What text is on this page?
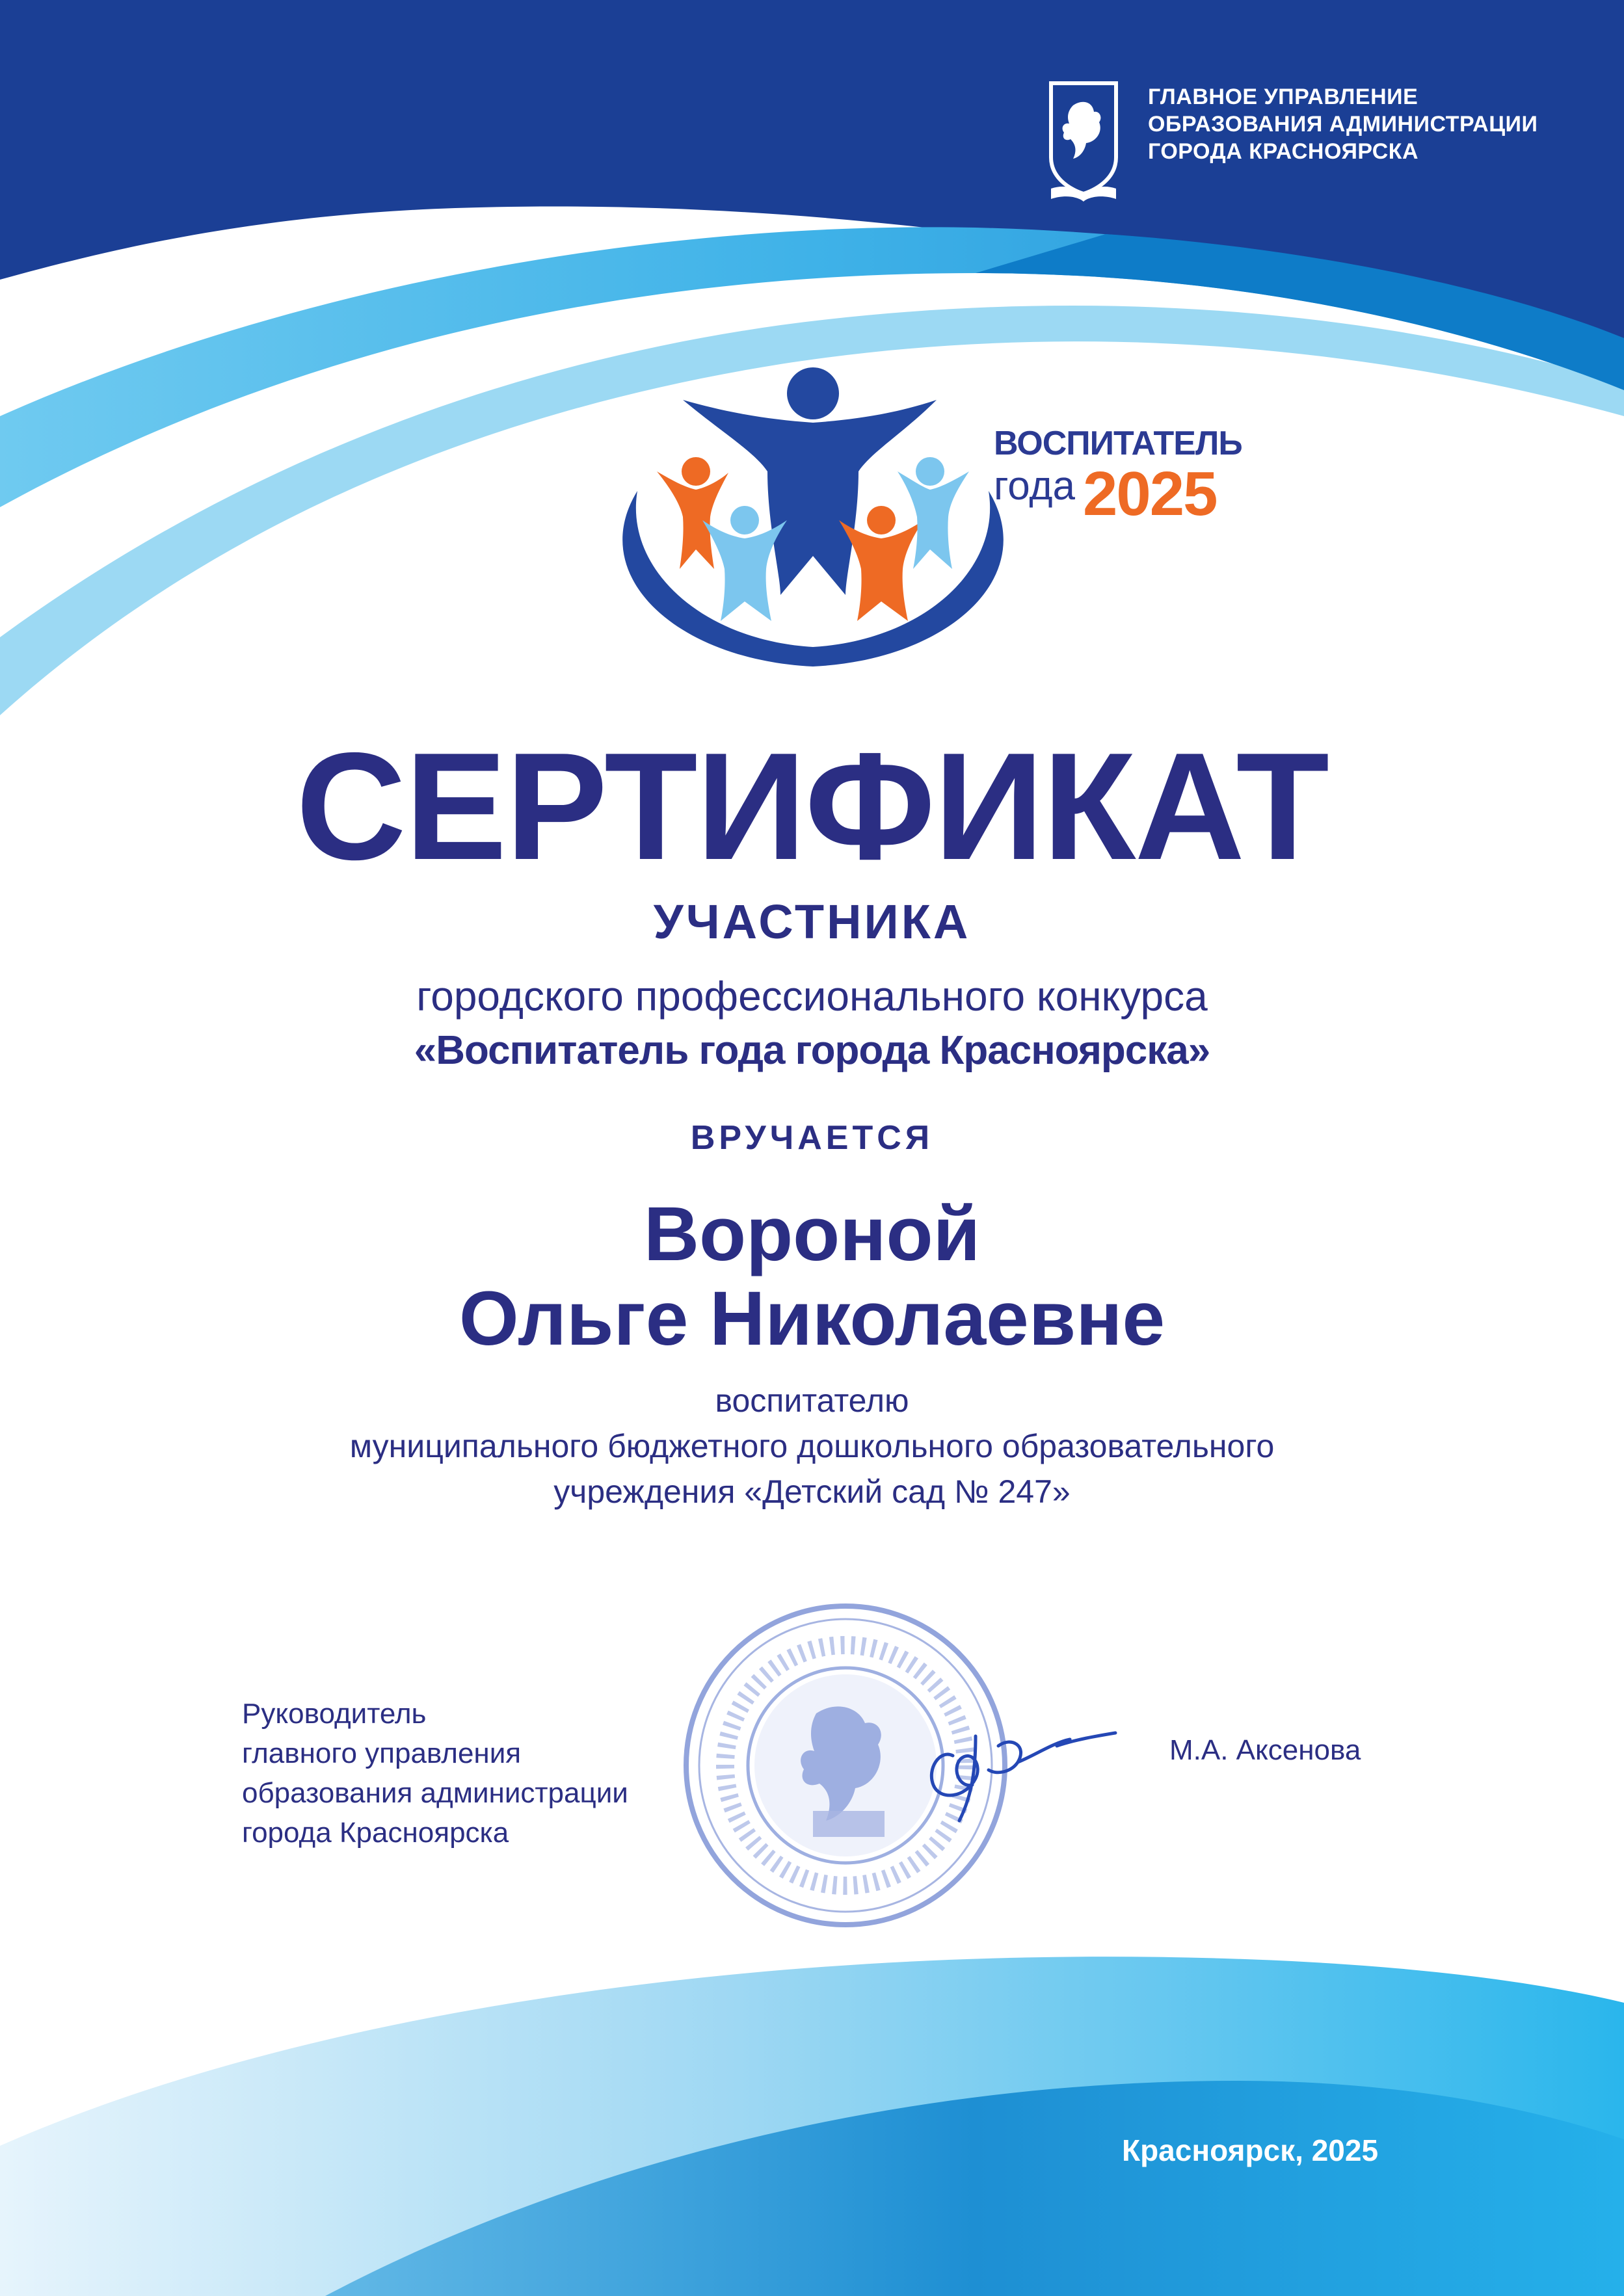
ГЛАВНОЕ УПРАВЛЕНИЕ
ОБРАЗОВАНИЯ АДМИНИСТРАЦИИ
ГОРОДА КРАСНОЯРСКА

ВОСПИТАТЕЛЬ
года 2025
СЕРТИФИКАТ
УЧАСТНИКА
городского профессионального конкурса
«Воспитатель года города Красноярска»
ВРУЧАЕТСЯ
Вороной
Ольге Николаевне
воспитателю
муниципального бюджетного дошкольного образовательного
учреждения «Детский сад № 247»

Руководитель
главного управления
образования администрации
города Красноярска

М.А. Аксенова
Красноярск, 2025
